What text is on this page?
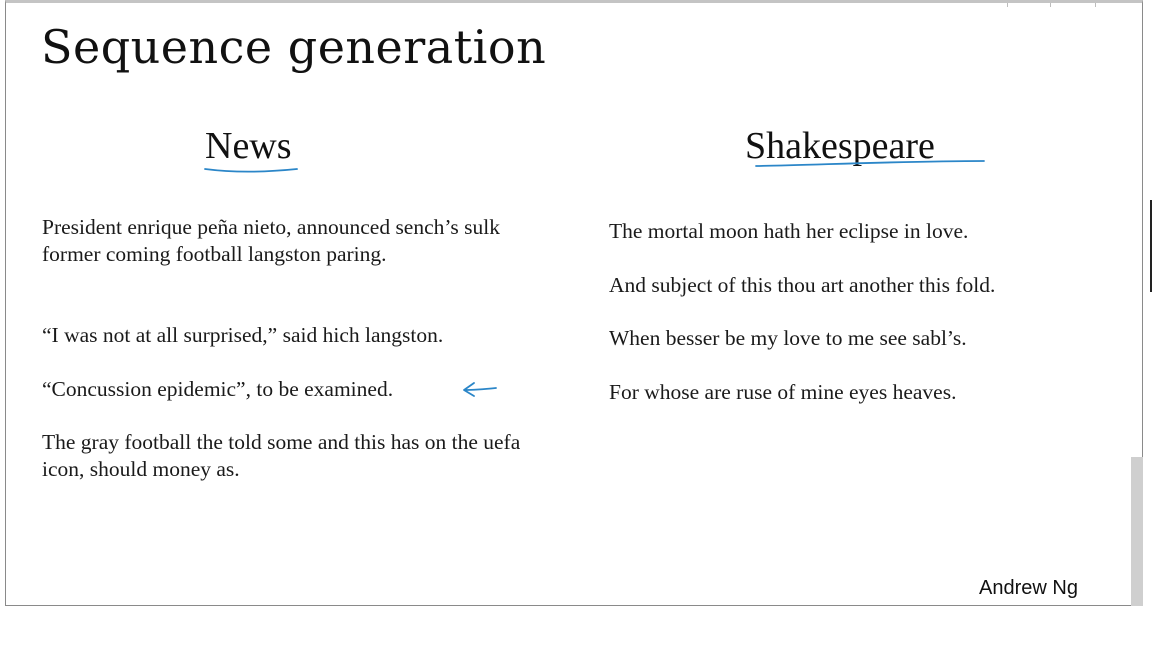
Sequence generation
News	Shakespeare

President enrique peña nieto, announced sench’s sulk former coming football langston paring.

“I was not at all surprised,” said hich langston.

“Concussion epidemic”, to be examined.

The gray football the told some and this has on the uefa icon, should money as.

The mortal moon hath her eclipse in love.

And subject of this thou art another this fold.

When besser be my love to me see sabl’s.

For whose are ruse of mine eyes heaves.

Andrew Ng
